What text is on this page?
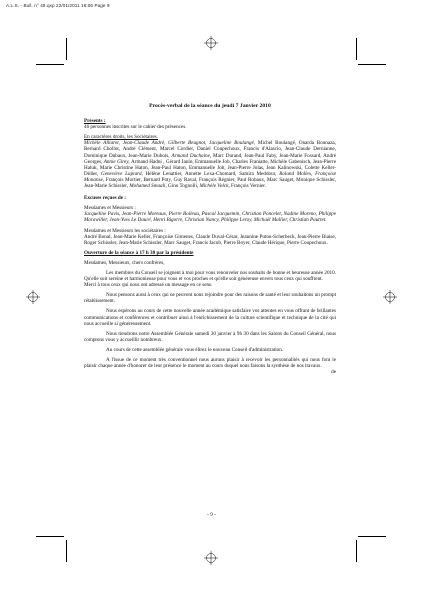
A.L.S. - Bull. n° 49.qxp 22/01/2011 16:06 Page 9
Procès-verbal de la séance du jeudi 7 Janvier 2010

Présents :

46 personnes inscrites sur le cahier des présences.

En caractères droits, les Sociétaires.

Michèle Alliaret, Jean-Claude André, Gilberte Beugnot, Jacqueline Boulangé, Michel Boulangé, Onarda Bounaza, Bernard Chollot, André Clément, Marcel Cordier, Daniel Coupechoux, Francis d'Alascio, Jean-Claude Dernianne, Dominique Dubaux, Jean-Marie Dubois, Armand Duchaine, Marc Durand, Jean-Paul Faby, Jean-Marie Fossard, André Georges, Annie Girey, Armand Hadni , Gérard Janin, Emmanuelle Job, Charles Franiatte, Michèle Gabenisch, Jean-Pierre Haluk, Marie Christine Haton, Jean-Paul Haton, Emmanuelle Job, Jean-Pierre Jolas, Jean Kalinowski, Colette Keller-Didier, Geneviève Lapiard, Hélène Lenattier, Annette Lexa-Chomard, Samira Meddour, Roland Mollex, Françoise Monanse, François Mortier, Bernard Poty, Guy Raval, François Régnier, Paul Robaux, Marc Sauget, Monique Schissler, Jean-Marie Schissler, Mohamed Smaali, Gino Tognolli, Michèle Volck, François Vernier.

Excuses reçues de :

Mesdames et Messieurs :

Jacqueline Pavis, Jean-Pierre Moreaux, Pierre Boileau, Pascal Jacquemin, Christian Poncelet, Nadine Moreno, Philippe Morawiller, Jean-Yves Le Dauré, Henri Bigorre, Christian Nancy, Philippe Leroy, Michaël Mallier, Christian Pautret.

Mesdames et Messieurs les sociétaires :

André Bonal, Jean-Marie Keller, Françoise Gimenes, Claude Duval-César, Jeannine Puton-Scherbeck, Jean-Pierre Biaise, Roger Schissler, Jean-Marie Schissler, Marc Sauget, Francis Jacob, Pierre Boyer, Claude Hérique, Pierre Coupechoux.

Ouverture de la séance à 17 h 30 par la présidente

Mesdames, Messieurs, chers confrères,

Les membres du Conseil se joignent à moi pour vous renouveler nos souhaits de bonne et heureuse année 2010. Qu'elle soit sereine et harmonieuse pour vous et vos proches et qu'elle soit généreuse envers tous ceux qui souffrent.

Merci à tous ceux qui nous ont adressé un message en ce sens.

Nous pensons aussi à ceux qui ne peuvent nous rejoindre pour des raisons de santé et leur souhaitons un prompt rétablissement.

Nous espérons au cours de cette nouvelle année académique satisfaire vos attentes en vous offrant de brillantes communications et conférences et contribuer ainsi à l'enrichissement de la culture scientifique et technique de la cité qui nous accueille si généreusement.

Nous tiendrons notre Assemblée Générale samedi 30 janvier à 9h 30 dans les Salons du Conseil Général, nous comptons vous y accueillir nombreux.

Au cours de cette assemblée générale vous élirez le nouveau Conseil d'administration.

A l'issue de ce moment très conventionnel nous aurons plaisir à recevoir les personnalités qui nous font le plaisir chaque année d'honorer de leur présence le moment au cours duquel nous faisons la synthèse de nos travaux.

de

- 9 -
